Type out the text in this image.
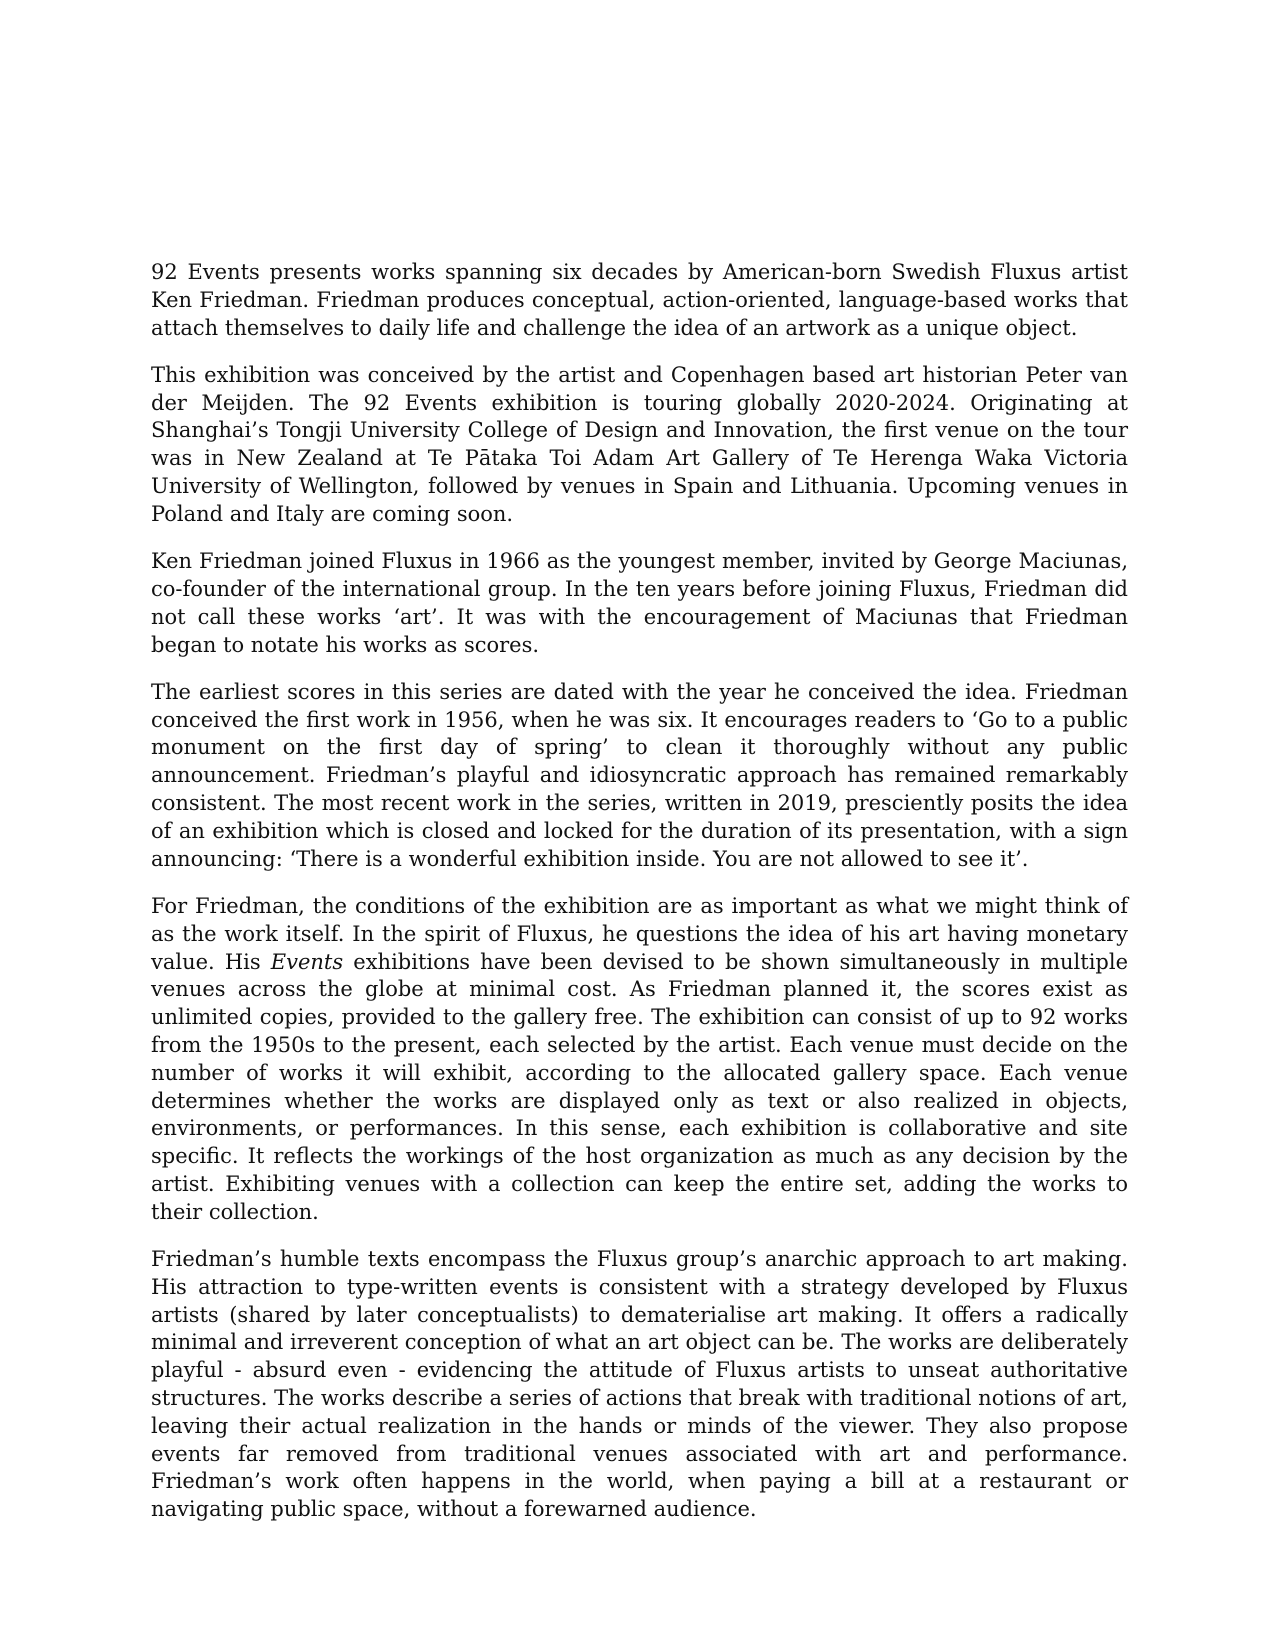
92 Events presents works spanning six decades by American-born Swedish Fluxus artist Ken Friedman. Friedman produces conceptual, action-oriented, language-based works that attach themselves to daily life and challenge the idea of an artwork as a unique object.

This exhibition was conceived by the artist and Copenhagen based art historian Peter van der Meijden. The 92 Events exhibition is touring globally 2020-2024. Originating at Shanghai’s Tongji University College of Design and Innovation, the first venue on the tour was in New Zealand at Te Pātaka Toi Adam Art Gallery of Te Herenga Waka Victoria University of Wellington, followed by venues in Spain and Lithuania. Upcoming venues in Poland and Italy are coming soon.

Ken Friedman joined Fluxus in 1966 as the youngest member, invited by George Maciunas, co-founder of the international group. In the ten years before joining Fluxus, Friedman did not call these works ‘art’. It was with the encouragement of Maciunas that Friedman began to notate his works as scores.

The earliest scores in this series are dated with the year he conceived the idea. Friedman conceived the first work in 1956, when he was six. It encourages readers to ‘Go to a public monument on the first day of spring’ to clean it thoroughly without any public announcement. Friedman’s playful and idiosyncratic approach has remained remarkably consistent. The most recent work in the series, written in 2019, presciently posits the idea of an exhibition which is closed and locked for the duration of its presentation, with a sign announcing: ‘There is a wonderful exhibition inside. You are not allowed to see it’.

For Friedman, the conditions of the exhibition are as important as what we might think of as the work itself. In the spirit of Fluxus, he questions the idea of his art having monetary value. His Events exhibitions have been devised to be shown simultaneously in multiple venues across the globe at minimal cost. As Friedman planned it, the scores exist as unlimited copies, provided to the gallery free. The exhibition can consist of up to 92 works from the 1950s to the present, each selected by the artist. Each venue must decide on the number of works it will exhibit, according to the allocated gallery space. Each venue determines whether the works are displayed only as text or also realized in objects, environments, or performances. In this sense, each exhibition is collaborative and site specific. It reflects the workings of the host organization as much as any decision by the artist. Exhibiting venues with a collection can keep the entire set, adding the works to their collection.

Friedman’s humble texts encompass the Fluxus group’s anarchic approach to art making. His attraction to type-written events is consistent with a strategy developed by Fluxus artists (shared by later conceptualists) to dematerialise art making. It offers a radically minimal and irreverent conception of what an art object can be. The works are deliberately playful - absurd even - evidencing the attitude of Fluxus artists to unseat authoritative structures. The works describe a series of actions that break with traditional notions of art, leaving their actual realization in the hands or minds of the viewer. They also propose events far removed from traditional venues associated with art and performance. Friedman’s work often happens in the world, when paying a bill at a restaurant or navigating public space, without a forewarned audience.
